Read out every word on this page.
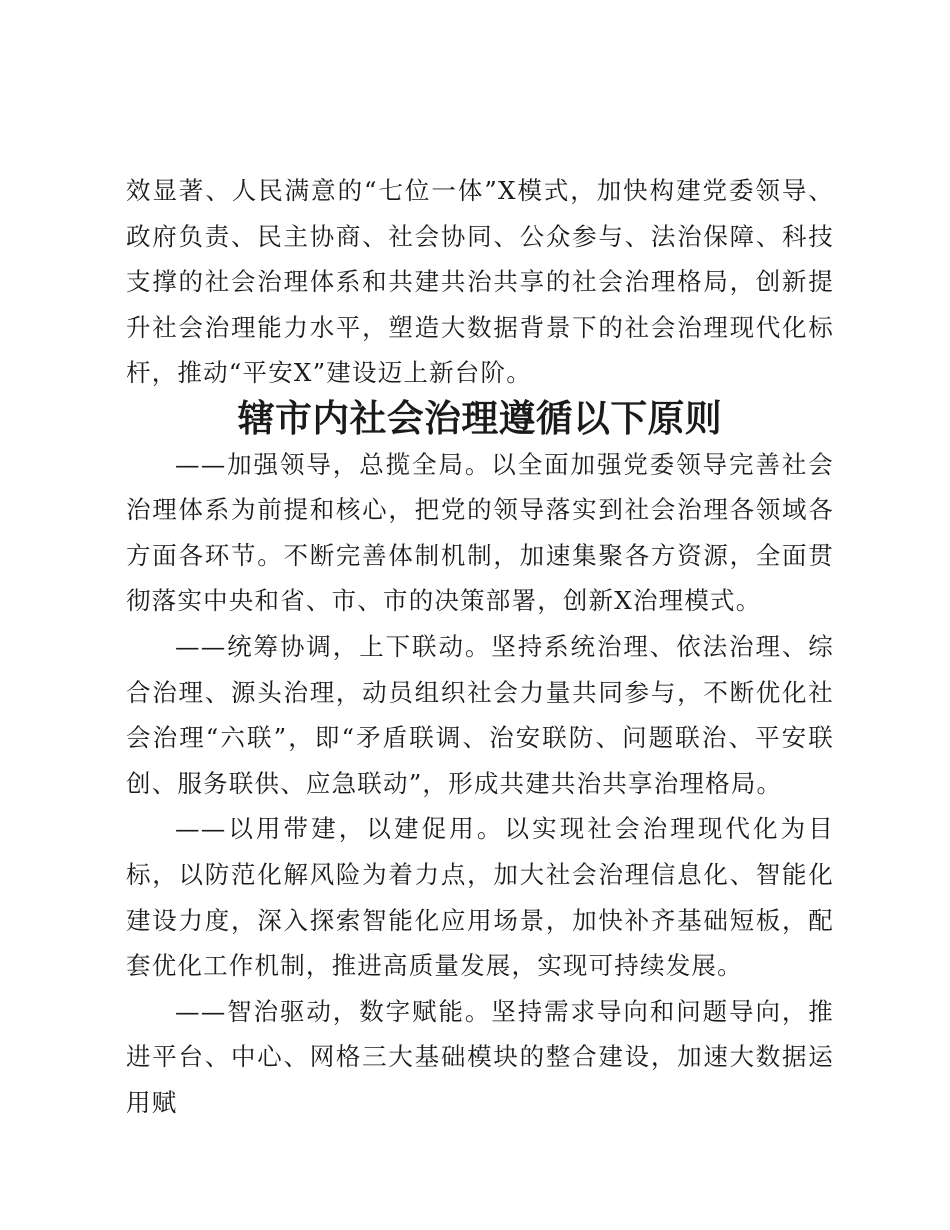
效显著、人民满意的“七位一体”X模式，加快构建党委领导、政府负责、民主协商、社会协同、公众参与、法治保障、科技支撑的社会治理体系和共建共治共享的社会治理格局，创新提升社会治理能力水平，塑造大数据背景下的社会治理现代化标杆，推动“平安X”建设迈上新台阶。

辖市内社会治理遵循以下原则

——加强领导，总揽全局。以全面加强党委领导完善社会治理体系为前提和核心，把党的领导落实到社会治理各领域各方面各环节。不断完善体制机制，加速集聚各方资源，全面贯彻落实中央和省、市、市的决策部署，创新X治理模式。

——统筹协调，上下联动。坚持系统治理、依法治理、综合治理、源头治理，动员组织社会力量共同参与，不断优化社会治理“六联”，即“矛盾联调、治安联防、问题联治、平安联创、服务联供、应急联动”，形成共建共治共享治理格局。

——以用带建，以建促用。以实现社会治理现代化为目标，以防范化解风险为着力点，加大社会治理信息化、智能化建设力度，深入探索智能化应用场景，加快补齐基础短板，配套优化工作机制，推进高质量发展，实现可持续发展。

——智治驱动，数字赋能。坚持需求导向和问题导向，推进平台、中心、网格三大基础模块的整合建设，加速大数据运用赋
